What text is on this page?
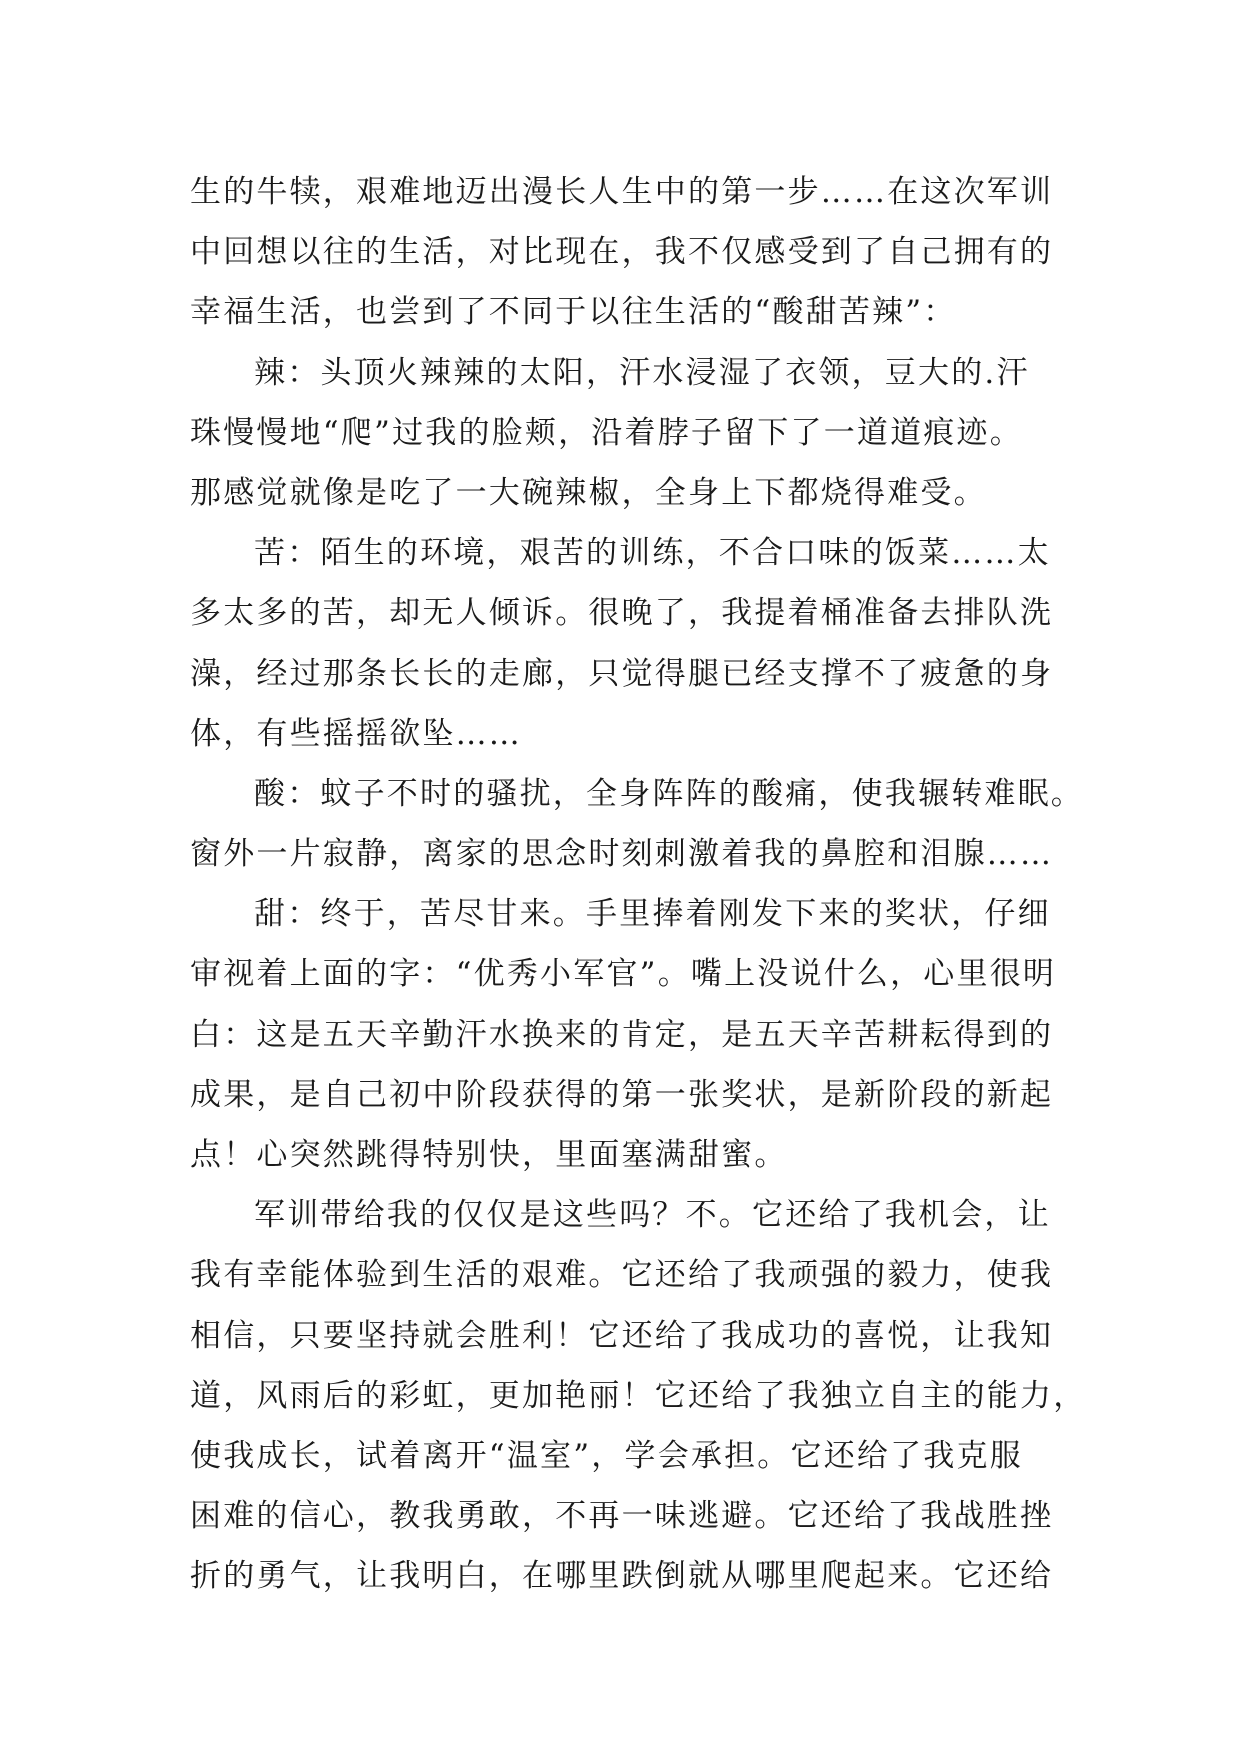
生的牛犊，艰难地迈出漫长人生中的第一步……在这次军训
中回想以往的生活，对比现在，我不仅感受到了自己拥有的
幸福生活，也尝到了不同于以往生活的“酸甜苦辣”：
辣：头顶火辣辣的太阳，汗水浸湿了衣领，豆大的.汗
珠慢慢地“爬”过我的脸颊，沿着脖子留下了一道道痕迹。
那感觉就像是吃了一大碗辣椒，全身上下都烧得难受。
苦：陌生的环境，艰苦的训练，不合口味的饭菜……太
多太多的苦，却无人倾诉。很晚了，我提着桶准备去排队洗
澡，经过那条长长的走廊，只觉得腿已经支撑不了疲惫的身
体，有些摇摇欲坠……
酸：蚊子不时的骚扰，全身阵阵的酸痛，使我辗转难眠。
窗外一片寂静，离家的思念时刻刺激着我的鼻腔和泪腺……
甜：终于，苦尽甘来。手里捧着刚发下来的奖状，仔细
审视着上面的字：“优秀小军官”。嘴上没说什么，心里很明
白：这是五天辛勤汗水换来的肯定，是五天辛苦耕耘得到的
成果，是自己初中阶段获得的第一张奖状，是新阶段的新起
点！心突然跳得特别快，里面塞满甜蜜。
军训带给我的仅仅是这些吗？不。它还给了我机会，让
我有幸能体验到生活的艰难。它还给了我顽强的毅力，使我
相信，只要坚持就会胜利！它还给了我成功的喜悦，让我知
道，风雨后的彩虹，更加艳丽！它还给了我独立自主的能力，
使我成长，试着离开“温室”，学会承担。它还给了我克服
困难的信心，教我勇敢，不再一味逃避。它还给了我战胜挫
折的勇气，让我明白，在哪里跌倒就从哪里爬起来。它还给
